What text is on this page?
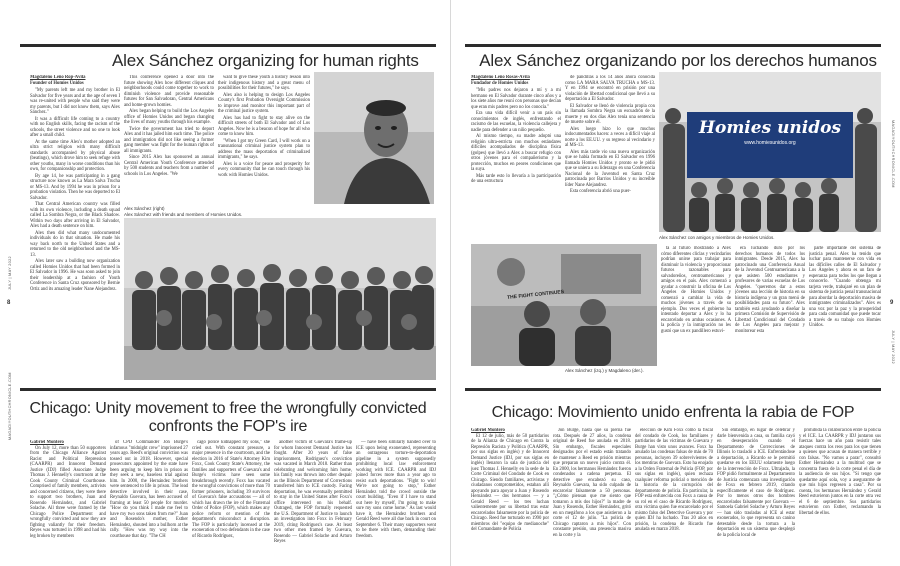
Alex Sánchez organizing for human rights
Magdaleno Leno Rop-Ávila
Founder of Homies Unidos

"My parents left me and my brother in El Salvador for five years and at the age of seven I was re-united with people who said they were my parents, but I did not know them, says Alex Sánchez."

It was a difficult life coming to a country with no English skills, facing the racism of the schools, the street violence and no one to look after a small child.

At the same time Alex's mother adopted an ultra strict religion with many difficult standards accompanied by physical abuse (beatings), which drove him to seek refuge with other youths, many in worse conditions than his own, for companionship and protection.

By age 14, he was participating in a gang structure now known as La Mara Salva Trucha or MS-13. And by 1994 he was in prison for a probation violation. Then he was deported to El Salvador.

That Central American country was filled with its own violence, including a death squad called La Sombra Negra, or the Black Shadow. Within two days after arriving in El Salvador, Alex had a death sentence on him.

Alex then did what many undocumented individuals do in that situation. He made his way back north to the United States and a returned to the old neighborhood and the MS-13.

Alex later saw a building now organization called Homies Unidos that had been formed in El Salvador in 1996. He was soon asked to join their leadership at a fashion of Youth Conference in Santa Cruz sponsored by Bernie Ortiz and its amazing leader Nane Alejandrez.

This conference opened a door into the future showing Alex how different cliques and neighborhoods could come together to work to diminish violence and provide reasonable futures for San Salvadoran, Central Americans and home-grown homies.

Alex began helping to build the Los Angeles office of Homies Unidos and began changing the lives of many youths through his example.

Twice the government has tried to deport Alex and it has jailed him each time. The police and immigration did not like seeing a former gang member was fight for the human rights of all immigrants.

Since 2015 Alex has sponsored an annual Central American Youth Conference attended by 500 students and teachers from a number of schools in Los Angeles. "We

want to give these youth a history lesson into their indigenous history and a great menu of possibilities for their futures," he says.

Alex also is helping to design Los Angeles County's first Probation Oversight Commission to improve and monitor this important part of the criminal justice system.

Alex has had to fight to stay alive on the difficult streets of both El Salvador and of Los Angeles. Now he is a beacon of hope for all who come to know him.

"When I got my Green Card, I will work on a transnational criminal justice system plan to address the mass deportation of criminalized immigrants," he says.

Alex is a voice for peace and prosperity for every community that he can touch through his work with Homies Unidos.

Alex Sánchez (right)
Alex Sánchez with friends and members of Homies Unidos.
Chicago: Unity movement to free the wrongfully convicted
confronts the FOP's ire
Gabriel Montero

On July 12, more than 50 supporters from the Chicago Alliance Against Racist and Political Repression (CAARPR) and Innocent Demand Justice (IDJ) filled Associate Judge Thomas J. Hennelly's courtroom at the Cook County Criminal Courthouse. Comprised of family members, activists and concerned citizens, they were there to support two brothers, Juan and Rosendo Hernández, and Gabriel Solache. All three were framed by the Chicago Police Department and wrongfully convicted and now they are fighting valiantly for their freedom. Reyes was tortured in 1998 and had his leg broken by members

of CPD Commander Jon Burge's infamous "midnight crew" imprisoned 27 years ago. Reed's original conviction was tossed out in 2018. However, special prosecutors appointed by the state have been arguing to keep him in prison as they seek a new, baseless trial against him. In 2000, the Hernández brothers were sentenced to life in prison. The lead detective involved in their case, Reynaldo Guevara, has been accused of framing at least 50 people for murder. "How do you think I made me feel to have my two sons taken from me?" Juan and Rosendo's mother, Esther Hernández, shouted into a bullhorn at the rally. "How was my way into the courthouse that day. "The CH

cago police kidnapped my sons," she cried out. With constant pressure, a major presence in the courtroom, and the election in 2016 of State's Attorney Kim Foxx, Cook County State's Attorney, the families and supporters of Guevara's and Burge's victims have seen some breakthrough recently. Foxx has vacated the wrongful convictions of more than 70 former prisoners, including 39 survivors of Guevara's false accusations — all of which has drawn the ire of the Fraternal Order of Police (FOP), which makes any police reform or mention of the department's misconduct a disruption. The FOP is particularly incensed at the exoneration of two defendants in the case of Ricardo Rodríguez,

another victim of Guevara's frame-up for whom Innocent Demand Justice has fought. After 20 years of false imprisonment, Rodriguez's conviction was vacated in March 2018. Rather than celebrating and welcoming him home, his family was thrown into other despair as the Illinois Department of Corrections transferred him to ICE custody. Facing deportation, he was eventually permitted to stay in the United States after Foxx's office intervened on his behalf. Outraged, the FOP formally requested the U.S. Department of Justice to launch an investigation into Foxx in February 2019, citing Rodriguez's case. At least two other men framed by Guevara, Rosendo — Gabriel Solache and Arturo Reyes

— have been similarly handed over to ICE upon being exonerated, representing an outrageous torture-to-deportation pipeline in a system supposedly prohibiting local law enforcement working with ICE. CAARPR and IDJ joined forces more than a year ago to resist such deportations. "Fight to win! We're not going to stop," Esther Hernández told the crowd outside the court building. "Even if I have to stand out here by myself, I'm going to make sure my sons come home." As last would have it, the Hernández brothers and Gerald Reed were all due back in court on September 6. Their many supporters went to be there with them, demanding their freedom.

8
MAGADIYOUTHCHRONICLE.COM
JULY | MAY 2022
Alex Sánchez organizando por los derechos humanos
Magdaleno Leno Rosas-Ávila
Fundador de Homies Unidos

"Mis padres nos dejaron a mí y a mi hermano en El Salvador durante cinco años y a los siete años me reuní con personas que decían que eran mis padres pero no los conocía."

Era una vida difícil venir a un país sin conocimientos de inglés, enfrentando el racismo de las escuelas, la violencia callejera y nadie para defender a un niño pequeño.

Al mismo tiempo, su madre adoptó una religión ultra-estricta con muchos estándares difíciles acompañados de disciplina física (golpes) que llevó a Alex a buscar refugio con otros jóvenes para el compañerismo y la protección, muchos en peores condiciones que la suya.

Más tarde esto lo llevaría a la participación de una estructura

de pandillas a los 14 años ahora conocida como LA MARA SALVA TRUCHA o MS-13. Y en 1994 se encontró en prisión por una violación de libertad condicional que llevó a su deportación a El Salvador.

El Salvador se llenó de violencia propia con la llamada Sombra Negra un escuadrón de la muerte y en dos días Alex tenía una sentencia de muerte sobre él.

Alex luego hizo lo que muchos indocumentados hacen: a veces a difícil viaje al norte a los EE.UU. y su regreso al vecindario y al MS-13.

Alex más tarde vio una nueva organización que se había formado en El Salvador en 1996 llamada Homies Unidos y pronto se le pidió que se uniera a su liderazgo en una Conferencia Nacional de la Juventud en Santa Cruz patrocinada por Barrios Unidos y su increíble líder Nane Alejandrez.

Esta conferencia abrió una puer-

Homies unidos
www.homiesunidos.org
Alex Sánchez con amigos y miembros de Homies Unidos.
THE FIGHT CONTINUES
Alex Sánchez (izq.) y Magdaleno (der.).

ta al futuro mostrando a Alex cómo diferentes cliclas y vecindarios podrían unirse para trabajar para disminuir la violencia y proporcionar futuros razonables para salvadoreños, centroamericanos y amigos en el país. Alex comenzó a ayudar a construir la oficina de Los Ángeles de Homies Unidos y comenzó a cambiar la vida de muchos jóvenes a través de su ejemplo. Dos veces el gobierno ha intentado deportar a Alex y lo ha encarcelado en ambas ocasiones. A la policía y la inmigración no les gustó que un ex pandillero estuvi-

era luchando duro por los derechos humanos de todos los inmigrantes. Desde 2015, Alex ha patrocinado una Conferencia Anual de la Juventud Centroamericana a la que asisten 500 estudiantes y profesores de varias escuelas de Los Ángeles. "queremos dar a estos jóvenes una lección de historia en su historia indígena y un gran menú de posibilidades para su futuro". Alex también está ayudando a diseñar la primera Comisión de Supervisión de Libertad Condicional del Condado de Los Ángeles para mejorar y monitorear esta

parte importante del sistema de justicia penal. Alex ha tenido que luchar para mantenerse con vida en las difíciles calles de El Salvador y Los Ángeles y ahora es un faro de esperanza para todos los que llegan a conocerlo. "Cuando obtenga mi tarjeta verde, trabajaré en un plan de sistema de justicia penal transnacional para abordar la deportación masiva de inmigrantes criminalizados". Alex es una voz por la paz y la prosperidad para cada comunidad que puede tocar a través de su trabajo con Homies Unidos.

Chicago: Movimiento unido enfrenta la rabia de FOP
Gabriel Montero

El 12 de julio, más de 50 partidarios de la Alianza de Chicago en Contra la Represión Racista y Política (CAARPR, por sus siglas en inglés) y de Innocent Demand Justice (IDJ, por sus siglas en inglés) llenaron la sala de justicia del juez Thomas J. Hennelly en la sede de la Corte Criminal del Condado de Cook en Chicago. Siendo familiares, activistas y ciudadanos comprometidos, estaban allí apoyando para apoyar a Juan y Rosendo Hernández — dos hermanos — y a Gerald Reed — los tres luchan valientemente por su libertad tras estar encarcelados falsamente por la policía de Chicago. Reed fue torturado en 1990 por miembros del "equipo de medianoche" del Comandante de Policía

Jon Burge, hasta que su pierna fue rota. Después de 27 años, la condena original de Reed fue anulada en 2018. Sin embargo, fiscales especiales designados por el estado están tratando de mantener a Reed en prisión mientras que preparan un nuevo juicio contra él. En 2000, los hermanos Hernández fueron condenados a cadena perpetua. El detective que encabezó su caso, Reynaldo Guevara, ha sido culpado de encarcelar falsamente a 50 personas. "¿Cómo piensan que me siento que tomaron a mis dos hijos?" la madre de Juan y Rosendo, Esther Hernández, gritó en un megáfono a los que asistieron a la corte el 12 de julio. "La policía de Chicago raptaron a mis hijos". Con constante presión, una presencia masiva en la corte y la

elección de Kim Foxx como la fiscal del condado de Cook, los familiares y partidarios de las víctimas de Guevara y Burge han visto unos avances. Foxx ha anulado las condenas falsas de más de 70 personas, incluyen 39 sobrevivientes de los mentiras de Guevara. Esto ha enojado a la Orden Fraternal de Policía (FOP, por sus siglas en inglés), quien rechaza cualquier reforma policial o mención de la historia de la corrupción del departamento de policía. En particular, la FOP está enfurecida con Foxx a causa de su rol en el caso de Ricardo Rodríguez, otra víctima quien fue encarcelado por el mismo falso del Detective Guevara y por quien IDJ ha luchado. Tras 20 años en prisión, la condena de Ricardo fue anulada en marzo 2018.

Sin embargo, en lugar de celebrar y darle bienvenida a casa, su familia cayó en desesperación cuando el Departamento de Correcciones de Illinois lo trasladó a ICE. Enfrentándose a deportación, a Ricardo se le permitió quedarse en los EEUU solamente luego de la intervención de Foxx. Ultrajada, la FOP pidió formalmente al Departamento de Justicia comenzara una investigación de Foxx en febrero 2019, citando específicamente el caso de Rodríguez. Por lo menos otros dos hombres encarcelados falsamente por Guevara — Samoela Gabriel Solache y Arturo Reyes — han sido trasladas al ICE al estar exonerados, lo que representa un canino detestable desde la tortura a la deportación en un sistema que desplegó de la policía local de

prohibida la colaboración entre la policía y el ICE. La CAARPR y IDJ juntaron sus fuerzas hace un año para resistir tales ataques contra los reos para los que tienen a quienes que acusan de manera terrible y con falsas. "No vamos a parar", consultó Esther Hernández a la multitud que se concentra fuera de la corte penal el día de la audiencia de sus hijos. "Si tengo que quedarme aquí sola, voy a asegurarme de que mis hijos regresen a casa". Por su cuenta, los hermanos Hernández y Gerald Reed estuvieron juntos en la corte otra vez el 6 de septiembre. Sus partidarios estuvieron con Esther, reclamando la libertad de ellos.

9
MAGADIYOUTHCHRONICLE.COM
JULY | MAY 2022
